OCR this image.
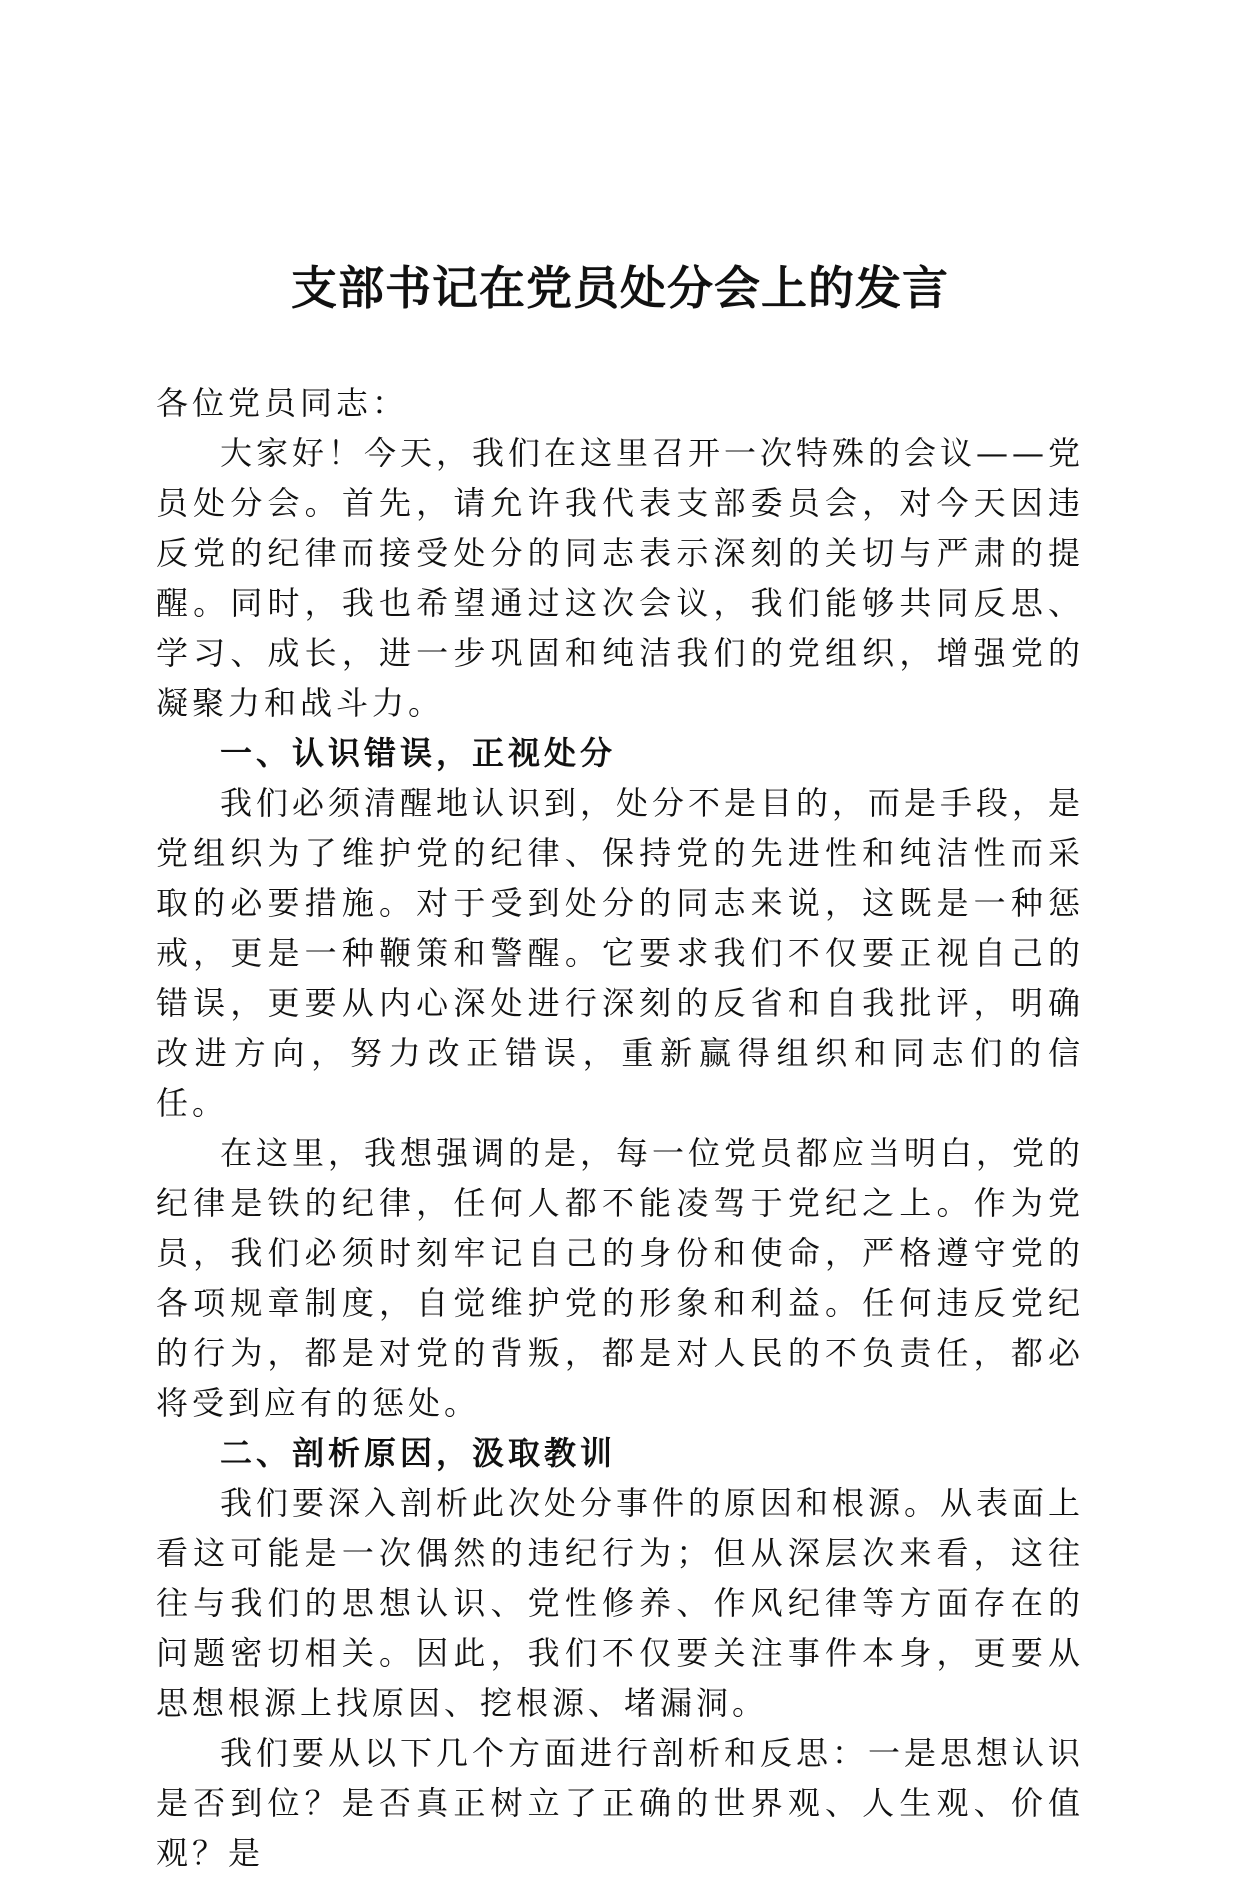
支部书记在党员处分会上的发言

各位党员同志：

大家好！今天，我们在这里召开一次特殊的会议——党员处分会。首先，请允许我代表支部委员会，对今天因违反党的纪律而接受处分的同志表示深刻的关切与严肃的提醒。同时，我也希望通过这次会议，我们能够共同反思、学习、成长，进一步巩固和纯洁我们的党组织，增强党的凝聚力和战斗力。

一、认识错误，正视处分

我们必须清醒地认识到，处分不是目的，而是手段，是党组织为了维护党的纪律、保持党的先进性和纯洁性而采取的必要措施。对于受到处分的同志来说，这既是一种惩戒，更是一种鞭策和警醒。它要求我们不仅要正视自己的错误，更要从内心深处进行深刻的反省和自我批评，明确改进方向，努力改正错误，重新赢得组织和同志们的信任。

在这里，我想强调的是，每一位党员都应当明白，党的纪律是铁的纪律，任何人都不能凌驾于党纪之上。作为党员，我们必须时刻牢记自己的身份和使命，严格遵守党的各项规章制度，自觉维护党的形象和利益。任何违反党纪的行为，都是对党的背叛，都是对人民的不负责任，都必将受到应有的惩处。

二、剖析原因，汲取教训

我们要深入剖析此次处分事件的原因和根源。从表面上看这可能是一次偶然的违纪行为；但从深层次来看，这往往与我们的思想认识、党性修养、作风纪律等方面存在的问题密切相关。因此，我们不仅要关注事件本身，更要从思想根源上找原因、挖根源、堵漏洞。

我们要从以下几个方面进行剖析和反思：一是思想认识是否到位？是否真正树立了正确的世界观、人生观、价值观？是
